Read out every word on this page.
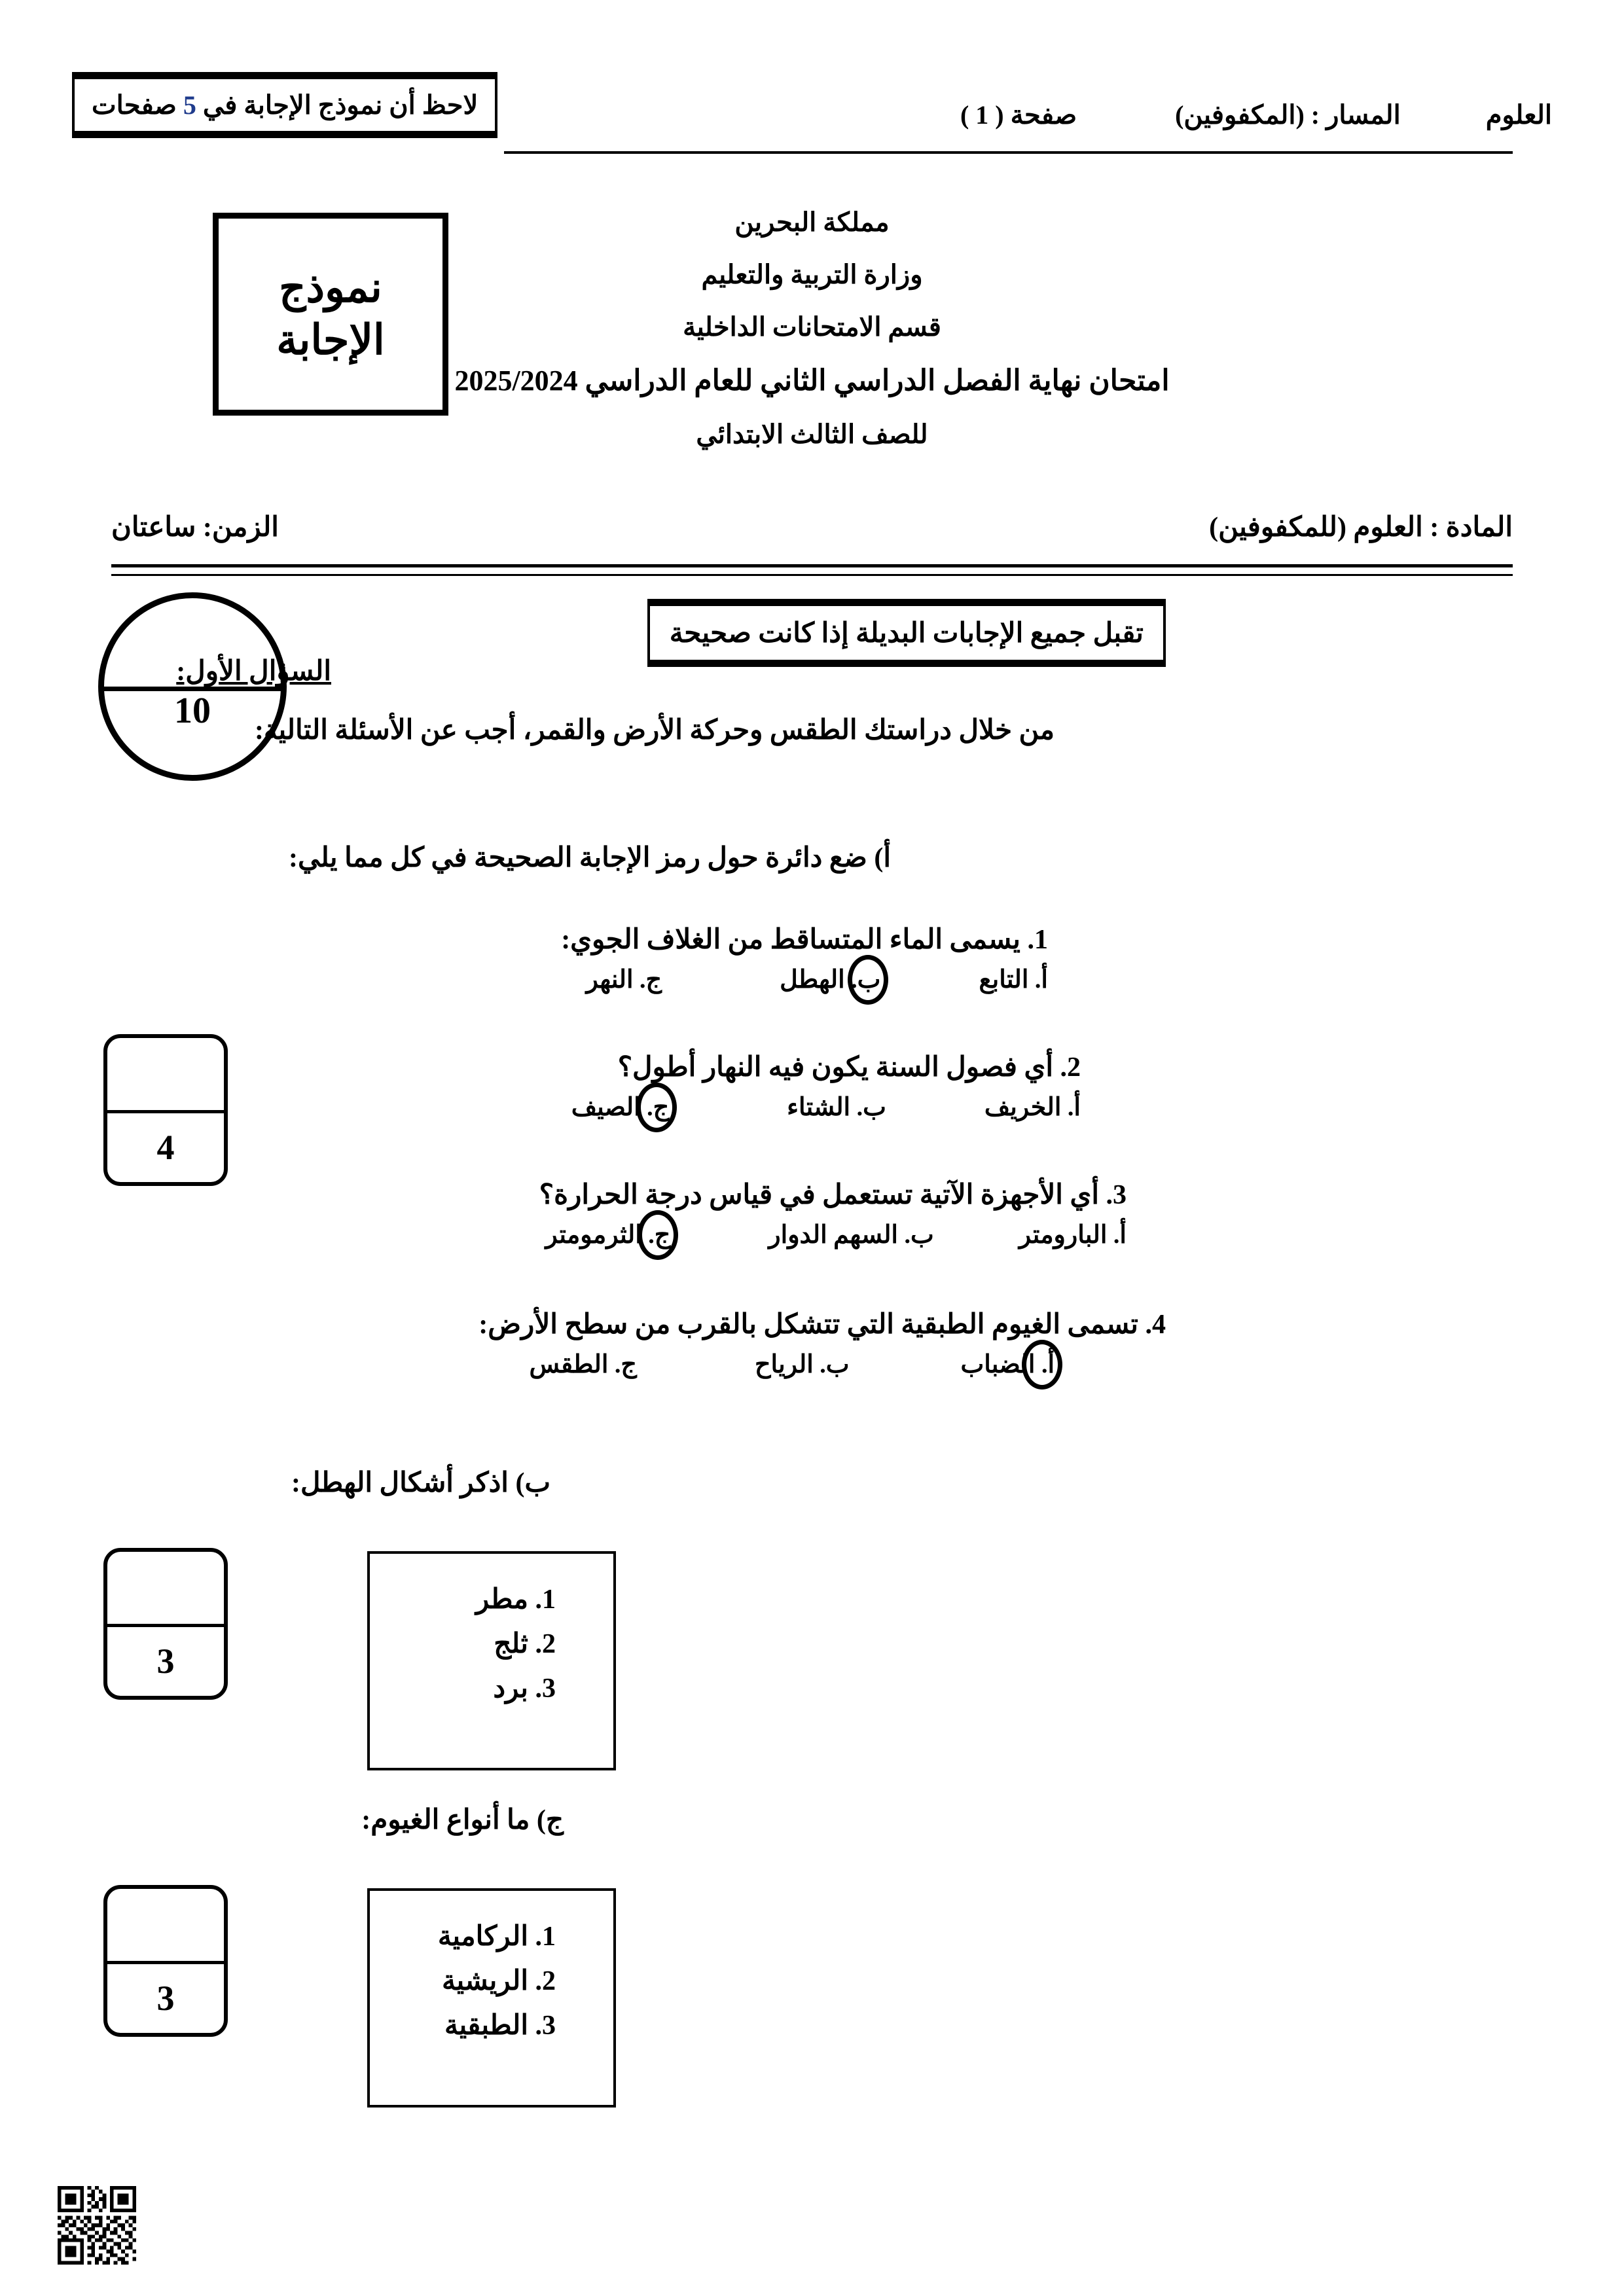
العلوم
المسار : (المكفوفين)
صفحة ( 1 )
لاحظ أن نموذج الإجابة في 5 صفحات
مملكة البحرين
وزارة التربية والتعليم
قسم الامتحانات الداخلية
امتحان نهاية الفصل الدراسي الثاني للعام الدراسي 2025/2024
للصف الثالث الابتدائي
نموذج
الإجابة
المادة : العلوم (للمكفوفين)
الزمن: ساعتان
10
تقبل جميع الإجابات البديلة إذا كانت صحيحة
السؤال الأول:
من خلال دراستك الطقس وحركة الأرض والقمر، أجب عن الأسئلة التالية:
أ) ضع دائرة حول رمز الإجابة الصحيحة في كل مما يلي:
1. يسمى الماء المتساقط من الغلاف الجوي:
أ. التابع
ب. الهطل
ج. النهر
2. أي فصول السنة يكون فيه النهار أطول؟
أ. الخريف
ب. الشتاء
ج. الصيف
3. أي الأجهزة الآتية تستعمل في قياس درجة الحرارة؟
أ. البارومتر
ب. السهم الدوار
ج. الثرمومتر
4. تسمى الغيوم الطبقية التي تتشكل بالقرب من سطح الأرض:
أ. الضباب
ب. الرياح
ج. الطقس
4
ب) اذكر أشكال الهطل:
1. مطر
2. ثلج
3. برد
3
ج) ما أنواع الغيوم:
1. الركامية
2. الريشية
3. الطبقية
3
